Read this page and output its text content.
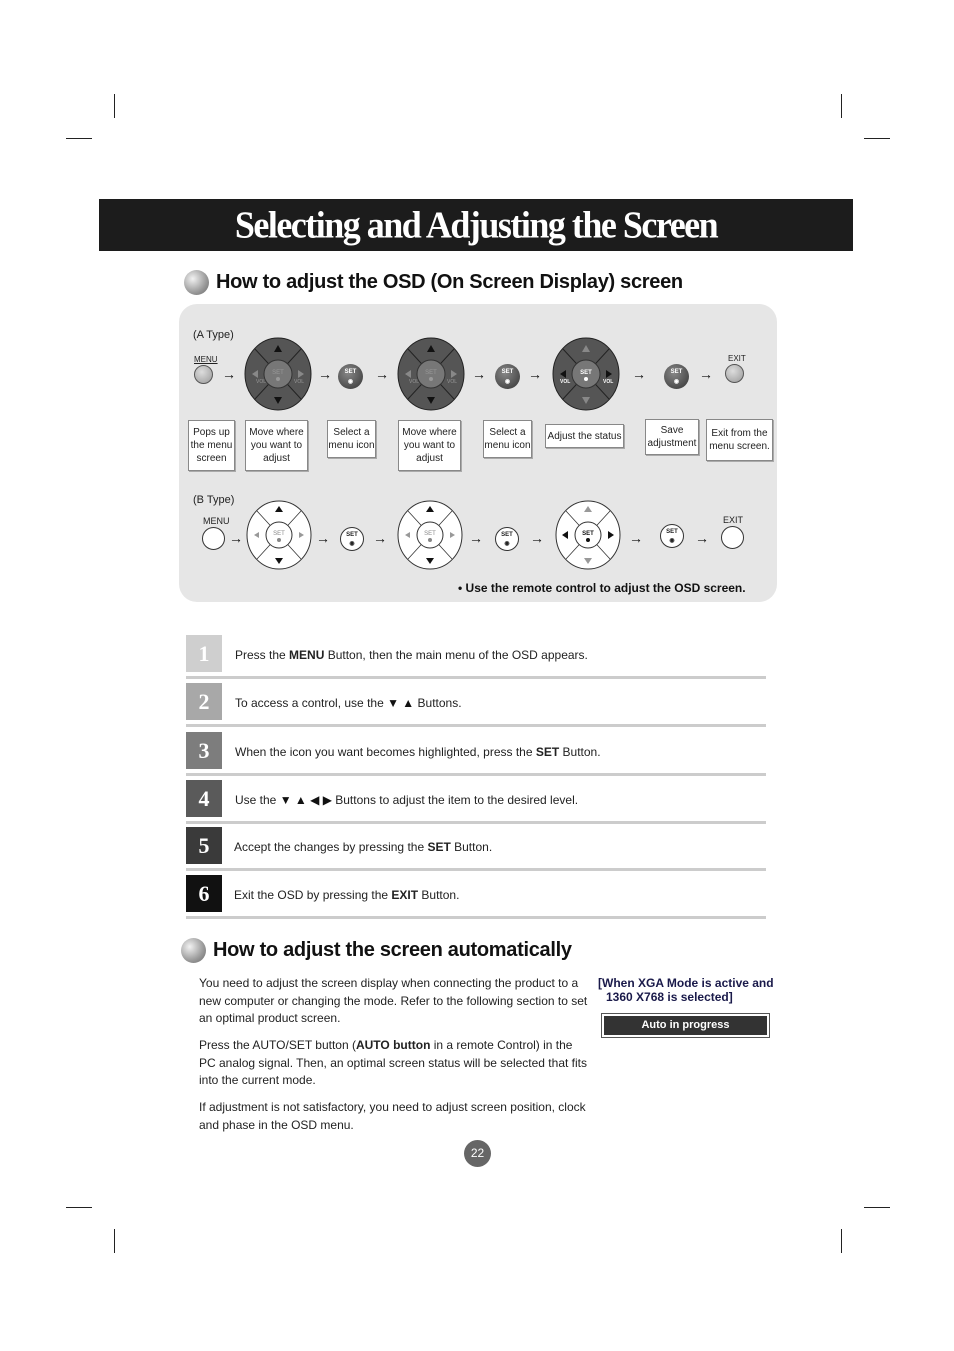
Selecting and Adjusting the Screen
How to adjust the OSD (On Screen Display) screen
(A Type)
MENU
→	SET
VOL	VOL →	SET
◉	→	SET
VOL	VOL →	SET
◉	→	SET
VOL	VOL →	SET
◉	→
EXIT
Pops up the menu screen
Move where you want to adjust
Select a menu icon
Move where you want to adjust
Select a menu icon
Adjust the status	Save adjustment
Exit from the menu screen.
(B Type)
MENU
→	SET →	SET
◉	→	SET →	SET
◉	→	SET	→	SET
◉	→
EXIT
• Use the remote control to adjust the OSD screen.
1	Press the MENU Button, then the main menu of the OSD appears.
2	To access a control, use the ▼ ▲ Buttons.
3	When the icon you want becomes highlighted, press the SET Button.
4	Use the ▼ ▲ ◀ ▶ Buttons to adjust the item to the desired level.
5	Accept the changes by pressing the SET Button.
6	Exit the OSD by pressing the EXIT Button.
How to adjust the screen automatically

You need to adjust the screen display when connecting the product to a new computer or changing the mode. Refer to the following section to set an optimal product screen.

Press the AUTO/SET button (AUTO button in a remote Control) in the PC analog signal. Then, an optimal screen status will be selected that fits into the current mode.

If adjustment is not satisfactory, you need to adjust screen position, clock and phase in the OSD menu.

[When XGA Mode is active and
1360 X768 is selected]
Auto in progress
22
